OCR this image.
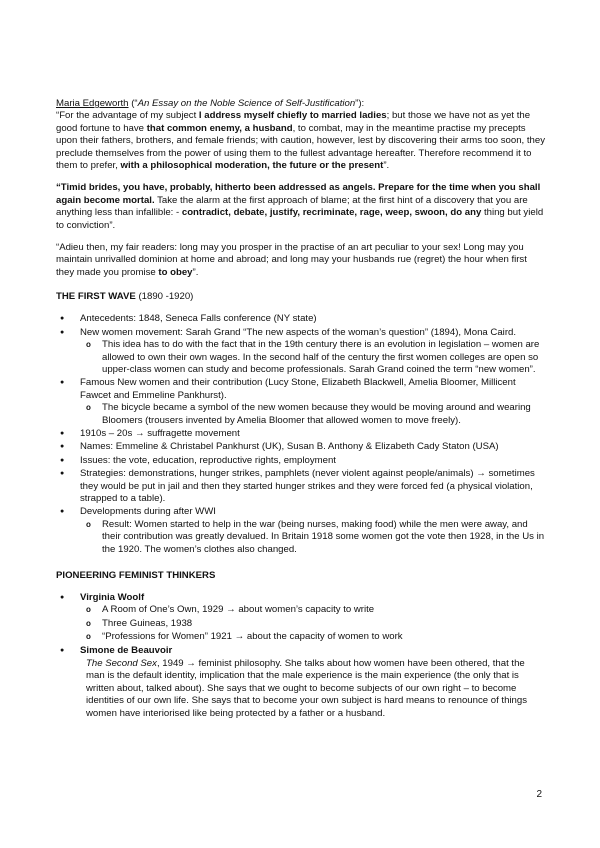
Maria Edgeworth (“An Essay on the Noble Science of Self-Justification”):
“For the advantage of my subject I address myself chiefly to married ladies; but those we have not as yet the good fortune to have that common enemy, a husband, to combat, may in the meantime practise my precepts upon their fathers, brothers, and female friends; with caution, however, lest by discovering their arms too soon, they preclude themselves from the power of using them to the fullest advantage hereafter. Therefore recommend it to them to prefer, with a philosophical moderation, the future or the present”.

“Timid brides, you have, probably, hitherto been addressed as angels. Prepare for the time when you shall again become mortal. Take the alarm at the first approach of blame; at the first hint of a discovery that you are anything less than infallible: - contradict, debate, justify, recriminate, rage, weep, swoon, do any thing but yield to conviction”.

“Adieu then, my fair readers: long may you prosper in the practise of an art peculiar to your sex! Long may you maintain unrivalled dominion at home and abroad; and long may your husbands rue (regret) the hour when first they made you promise to obey”.

THE FIRST WAVE (1890 -1920)
● Antecedents: 1848, Seneca Falls conference (NY state)
● New women movement: Sarah Grand “The new aspects of the woman’s question” (1894), Mona Caird.
o This idea has to do with the fact that in the 19th century there is an evolution in legislation – women are allowed to own their own wages. In the second half of the century the first women colleges are open so upper-class women can study and become professionals. Sarah Grand coined the term “new women”.
● Famous New women and their contribution (Lucy Stone, Elizabeth Blackwell, Amelia Bloomer, Millicent Fawcet and Emmeline Pankhurst).
o The bicycle became a symbol of the new women because they would be moving around and wearing Bloomers (trousers invented by Amelia Bloomer that allowed women to move freely).
● 1910s – 20s → suffragette movement
● Names: Emmeline & Christabel Pankhurst (UK), Susan B. Anthony & Elizabeth Cady Staton (USA)
● Issues: the vote, education, reproductive rights, employment
● Strategies: demonstrations, hunger strikes, pamphlets (never violent against people/animals) → sometimes they would be put in jail and then they started hunger strikes and they were forced fed (a physical violation, strapped to a table).
● Developments during after WWI
o Result: Women started to help in the war (being nurses, making food) while the men were away, and their contribution was greatly devalued. In Britain 1918 some women got the vote then 1928, in the Us in the 1920. The women’s clothes also changed.
PIONEERING FEMINIST THINKERS
● Virginia Woolf
o A Room of One’s Own, 1929 → about women’s capacity to write
o Three Guineas, 1938
o “Professions for Women” 1921 → about the capacity of women to work
● Simone de Beauvoir
The Second Sex, 1949 → feminist philosophy. She talks about how women have been othered, that the man is the default identity, implication that the male experience is the main experience (the only that is written about, talked about). She says that we ought to become subjects of our own right – to become identities of our own life. She says that to become your own subject is hard means to renounce of things women have interiorised like being protected by a father or a husband.
2
